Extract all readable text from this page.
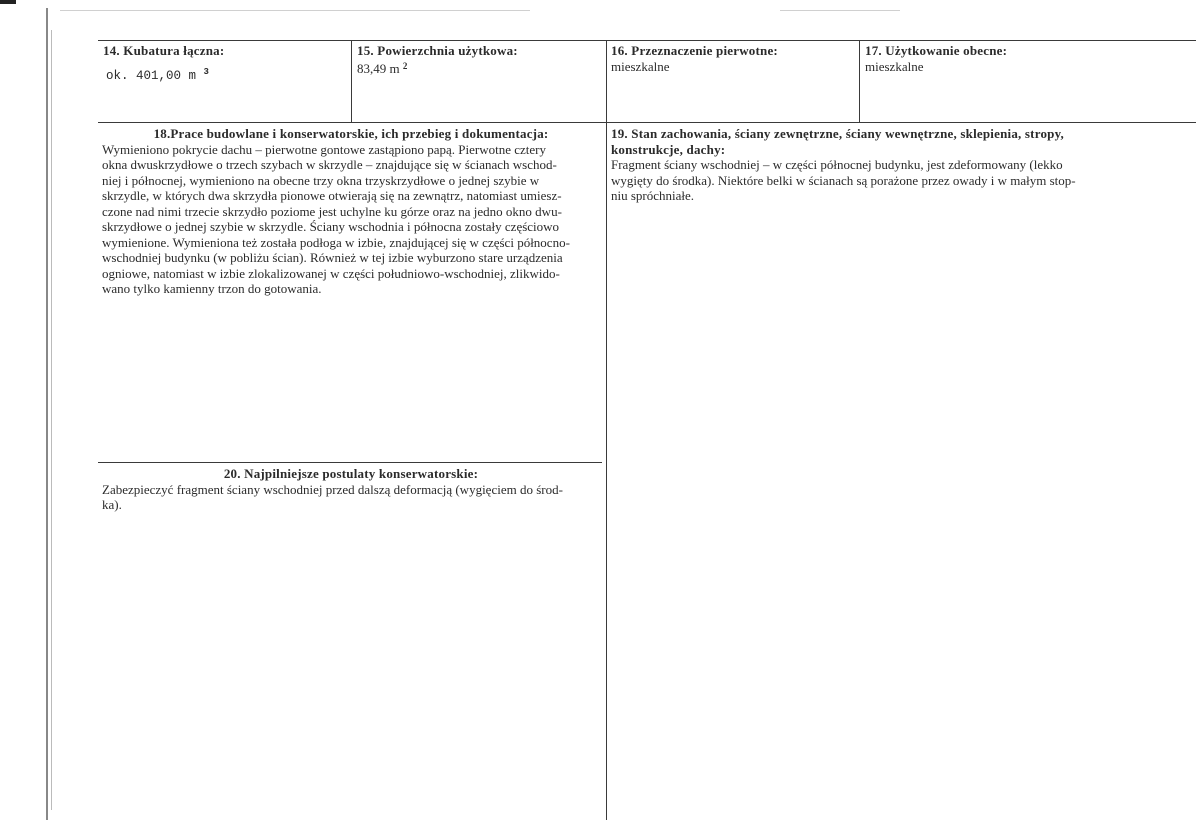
14. Kubatura łączna:
ok. 401,00 m $^3$
15. Powierzchnia użytkowa:
83,49 m $^2$
16. Przeznaczenie pierwotne:
mieszkalne
17. Użytkowanie obecne:
mieszkalne
18.Prace budowlane i konserwatorskie, ich przebieg i dokumentacja:
Wymieniono pokrycie dachu – pierwotne gontowe zastąpiono papą. Pierwotne cztery
okna dwuskrzydłowe o trzech szybach w skrzydle – znajdujące się w ścianach wschod-
niej i północnej, wymieniono na obecne trzy okna trzyskrzydłowe o jednej szybie w
skrzydle, w których dwa skrzydła pionowe otwierają się na zewnątrz, natomiast umiesz-
czone nad nimi trzecie skrzydło poziome jest uchylne ku górze oraz na jedno okno dwu-
skrzydłowe o jednej szybie w skrzydle. Ściany wschodnia i północna zostały częściowo
wymienione. Wymieniona też została podłoga w izbie, znajdującej się w części północno-
wschodniej budynku (w pobliżu ścian). Również w tej izbie wyburzono stare urządzenia
ogniowe, natomiast w izbie zlokalizowanej w części południowo-wschodniej, zlikwido-
wano tylko kamienny trzon do gotowania.
19. Stan zachowania, ściany zewnętrzne, ściany wewnętrzne, sklepienia, stropy,
konstrukcje, dachy:
Fragment ściany wschodniej – w części północnej budynku, jest zdeformowany (lekko
wygięty do środka). Niektóre belki w ścianach są porażone przez owady i w małym stop-
niu spróchniałe.
20. Najpilniejsze postulaty konserwatorskie:
Zabezpieczyć fragment ściany wschodniej przed dalszą deformacją (wygięciem do środ-
ka).
